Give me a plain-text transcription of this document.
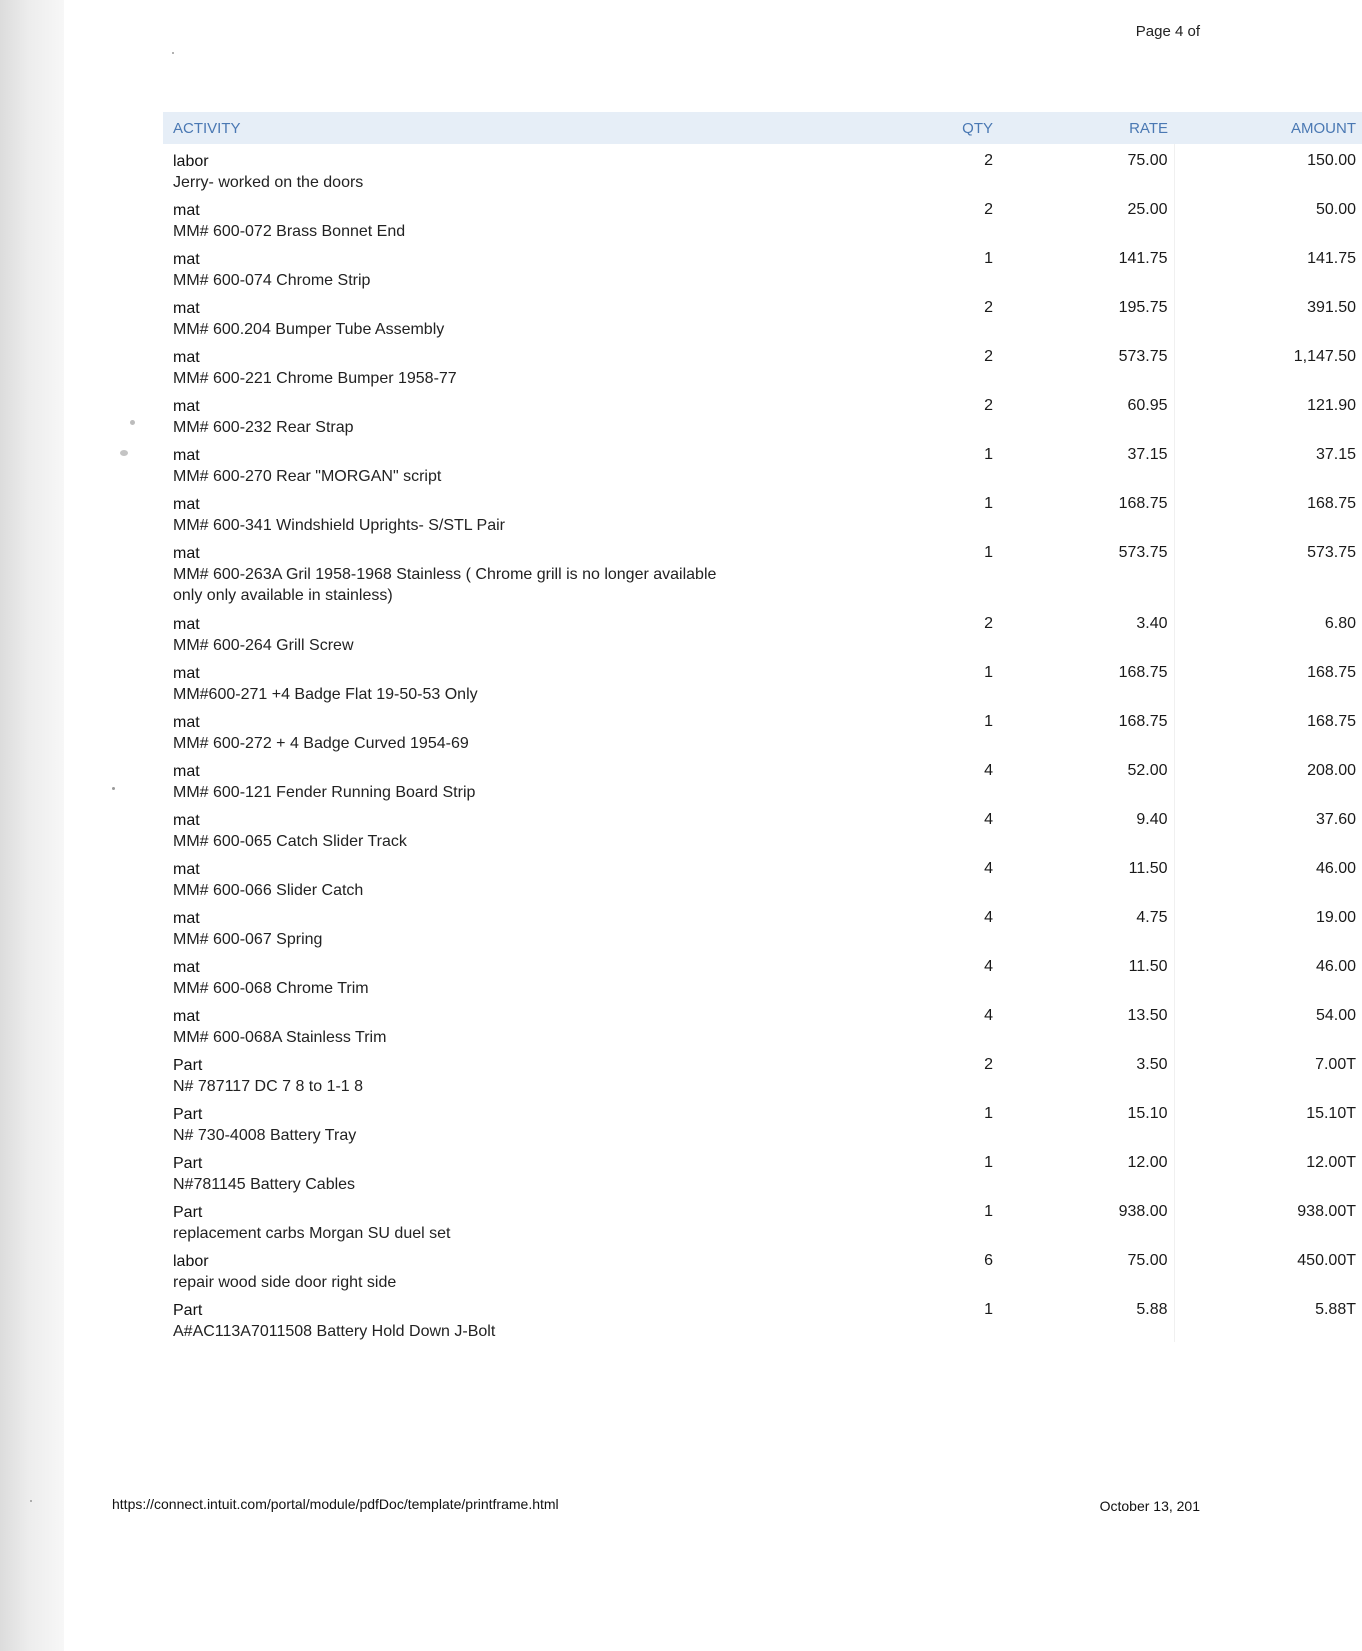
Page 4 of
ACTIVITY	QTY	RATE	AMOUNT

labor
Jerry- worked on the doors	2	75.00	150.00

mat
MM# 600-072 Brass Bonnet End	2	25.00	50.00

mat
MM# 600-074 Chrome Strip	1	141.75	141.75

mat
MM# 600.204 Bumper Tube Assembly	2	195.75	391.50

mat
MM# 600-221 Chrome Bumper 1958-77	2	573.75	1,147.50

mat
MM# 600-232 Rear Strap	2	60.95	121.90

mat
MM# 600-270 Rear "MORGAN" script	1	37.15	37.15

mat
MM# 600-341 Windshield Uprights- S/STL Pair	1	168.75	168.75

mat
MM# 600-263A Gril 1958-1968 Stainless ( Chrome grill is no longer available only only available in stainless)	1	573.75	573.75

mat
MM# 600-264 Grill Screw	2	3.40	6.80

mat
MM#600-271 +4 Badge Flat 19-50-53 Only	1	168.75	168.75

mat
MM# 600-272 + 4 Badge Curved 1954-69	1	168.75	168.75

mat
MM# 600-121 Fender Running Board Strip	4	52.00	208.00

mat
MM# 600-065 Catch Slider Track	4	9.40	37.60

mat
MM# 600-066 Slider Catch	4	11.50	46.00

mat
MM# 600-067 Spring	4	4.75	19.00

mat
MM# 600-068 Chrome Trim	4	11.50	46.00

mat
MM# 600-068A Stainless Trim	4	13.50	54.00

Part
N# 787117 DC 7 8 to 1-1 8	2	3.50	7.00T

Part
N# 730-4008 Battery Tray	1	15.10	15.10T

Part
N#781145 Battery Cables	1	12.00	12.00T

Part
replacement carbs Morgan SU duel set	1	938.00	938.00T

labor
repair wood side door right side	6	75.00	450.00T

Part
A#AC113A7011508 Battery Hold Down J-Bolt	1	5.88	5.88T
https://connect.intuit.com/portal/module/pdfDoc/template/printframe.html	October 13, 201
